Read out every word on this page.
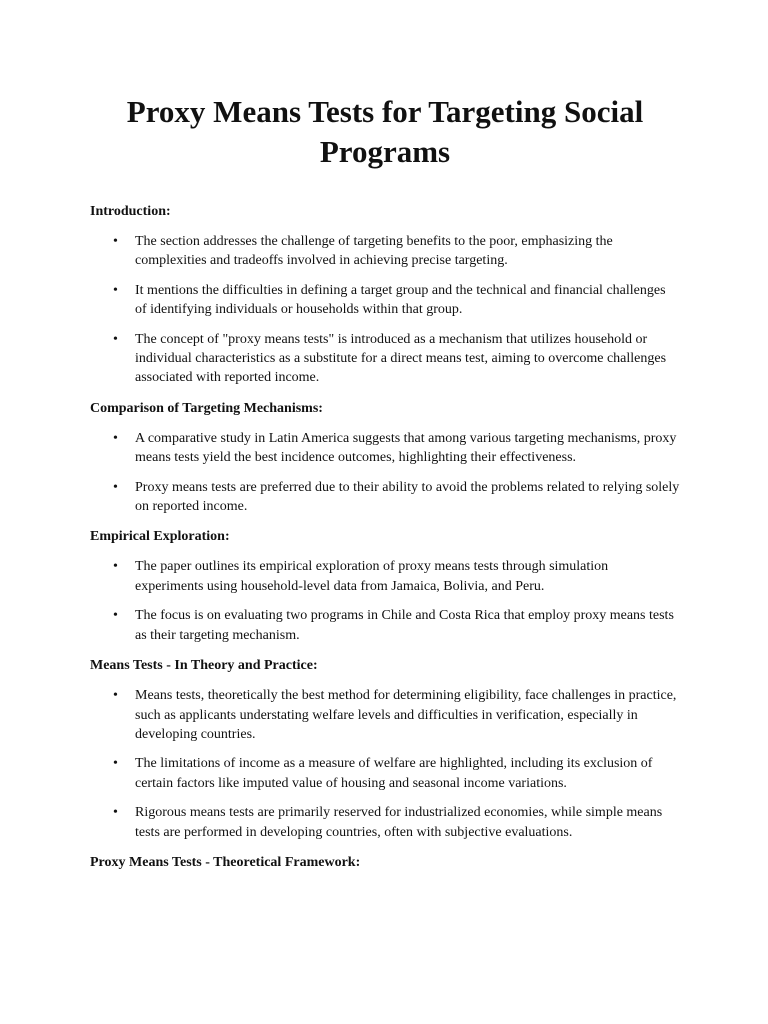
Proxy Means Tests for Targeting Social Programs
Introduction:
• The section addresses the challenge of targeting benefits to the poor, emphasizing the complexities and tradeoffs involved in achieving precise targeting.
• It mentions the difficulties in defining a target group and the technical and financial challenges of identifying individuals or households within that group.
• The concept of "proxy means tests" is introduced as a mechanism that utilizes household or individual characteristics as a substitute for a direct means test, aiming to overcome challenges associated with reported income.
Comparison of Targeting Mechanisms:
• A comparative study in Latin America suggests that among various targeting mechanisms, proxy means tests yield the best incidence outcomes, highlighting their effectiveness.
• Proxy means tests are preferred due to their ability to avoid the problems related to relying solely on reported income.
Empirical Exploration:
• The paper outlines its empirical exploration of proxy means tests through simulation experiments using household-level data from Jamaica, Bolivia, and Peru.
• The focus is on evaluating two programs in Chile and Costa Rica that employ proxy means tests as their targeting mechanism.
Means Tests - In Theory and Practice:
• Means tests, theoretically the best method for determining eligibility, face challenges in practice, such as applicants understating welfare levels and difficulties in verification, especially in developing countries.
• The limitations of income as a measure of welfare are highlighted, including its exclusion of certain factors like imputed value of housing and seasonal income variations.
• Rigorous means tests are primarily reserved for industrialized economies, while simple means tests are performed in developing countries, often with subjective evaluations.
Proxy Means Tests - Theoretical Framework:
